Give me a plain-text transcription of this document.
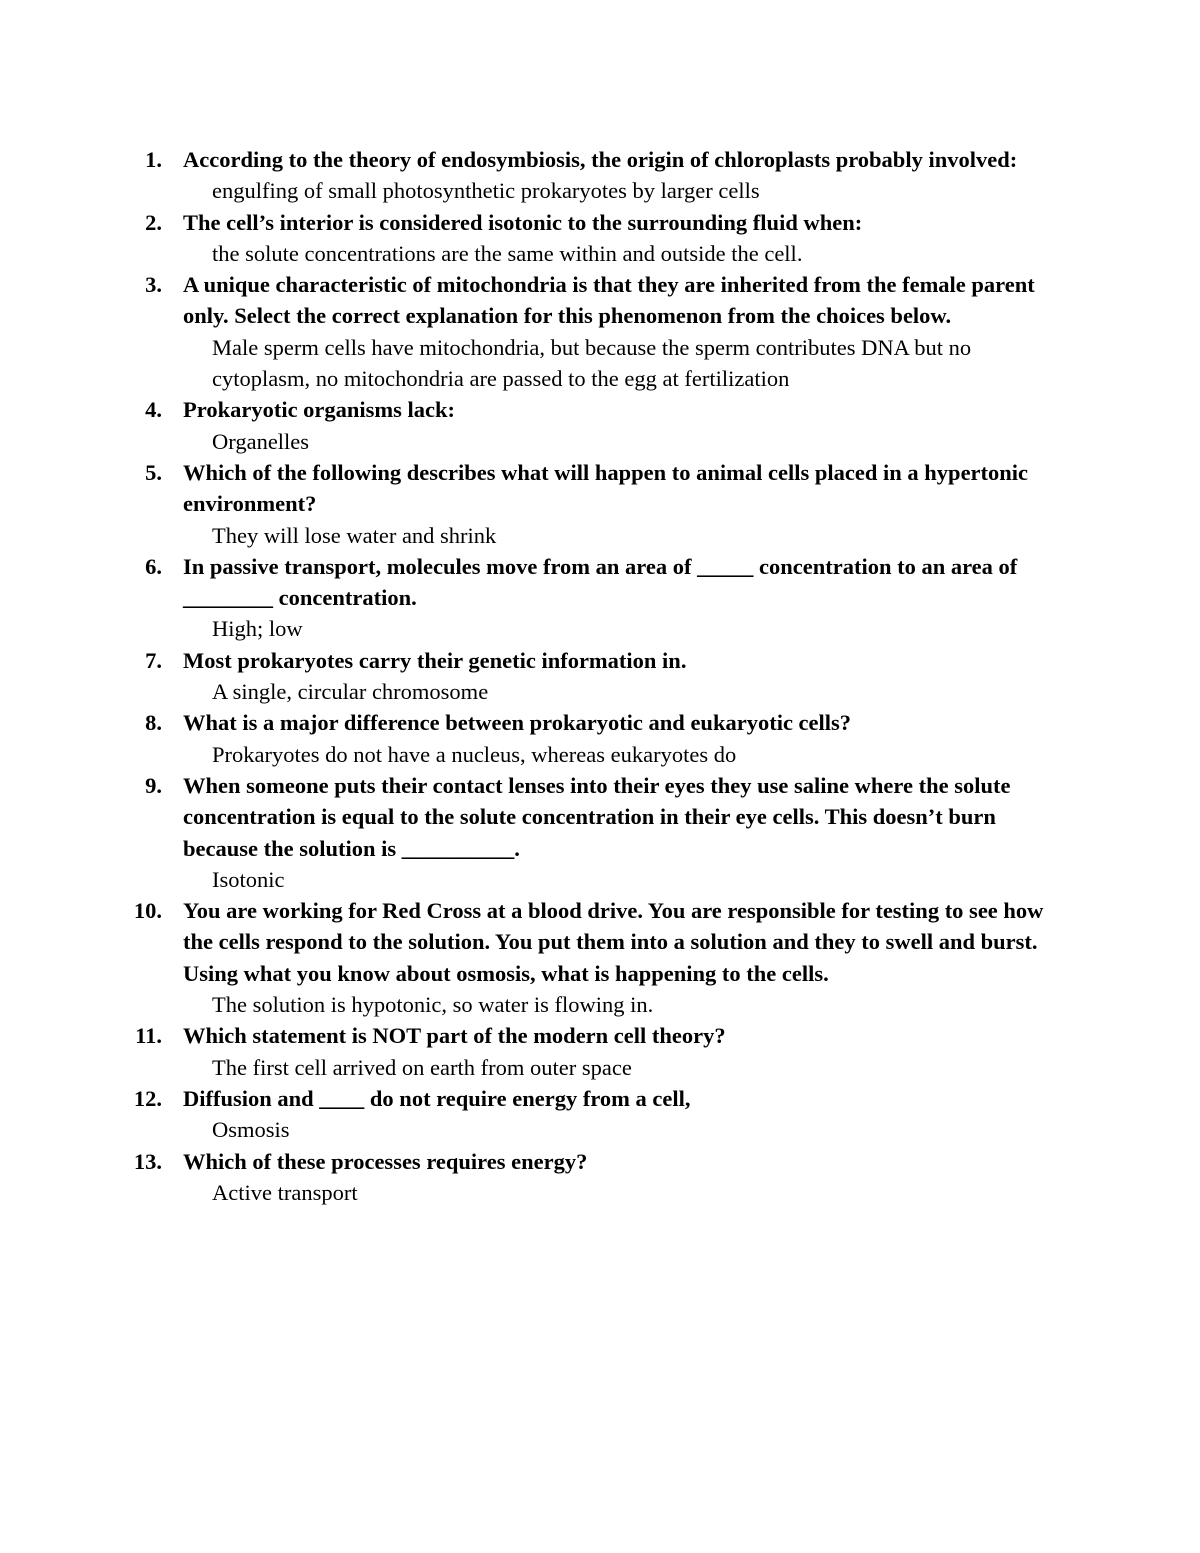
1. According to the theory of endosymbiosis, the origin of chloroplasts probably involved:
engulfing of small photosynthetic prokaryotes by larger cells
2. The cell’s interior is considered isotonic to the surrounding fluid when:
the solute concentrations are the same within and outside the cell.
3. A unique characteristic of mitochondria is that they are inherited from the female parent only. Select the correct explanation for this phenomenon from the choices below.
Male sperm cells have mitochondria, but because the sperm contributes DNA but no cytoplasm, no mitochondria are passed to the egg at fertilization
4. Prokaryotic organisms lack:
Organelles
5. Which of the following describes what will happen to animal cells placed in a hypertonic environment?
They will lose water and shrink
6. In passive transport, molecules move from an area of _____ concentration to an area of ________ concentration.
High; low
7. Most prokaryotes carry their genetic information in.
A single, circular chromosome
8. What is a major difference between prokaryotic and eukaryotic cells?
Prokaryotes do not have a nucleus, whereas eukaryotes do
9. When someone puts their contact lenses into their eyes they use saline where the solute concentration is equal to the solute concentration in their eye cells. This doesn’t burn because the solution is __________.
Isotonic
10. You are working for Red Cross at a blood drive. You are responsible for testing to see how the cells respond to the solution. You put them into a solution and they to swell and burst. Using what you know about osmosis, what is happening to the cells.
The solution is hypotonic, so water is flowing in.
11. Which statement is NOT part of the modern cell theory?
The first cell arrived on earth from outer space
12. Diffusion and ____ do not require energy from a cell,
Osmosis
13. Which of these processes requires energy?
Active transport
